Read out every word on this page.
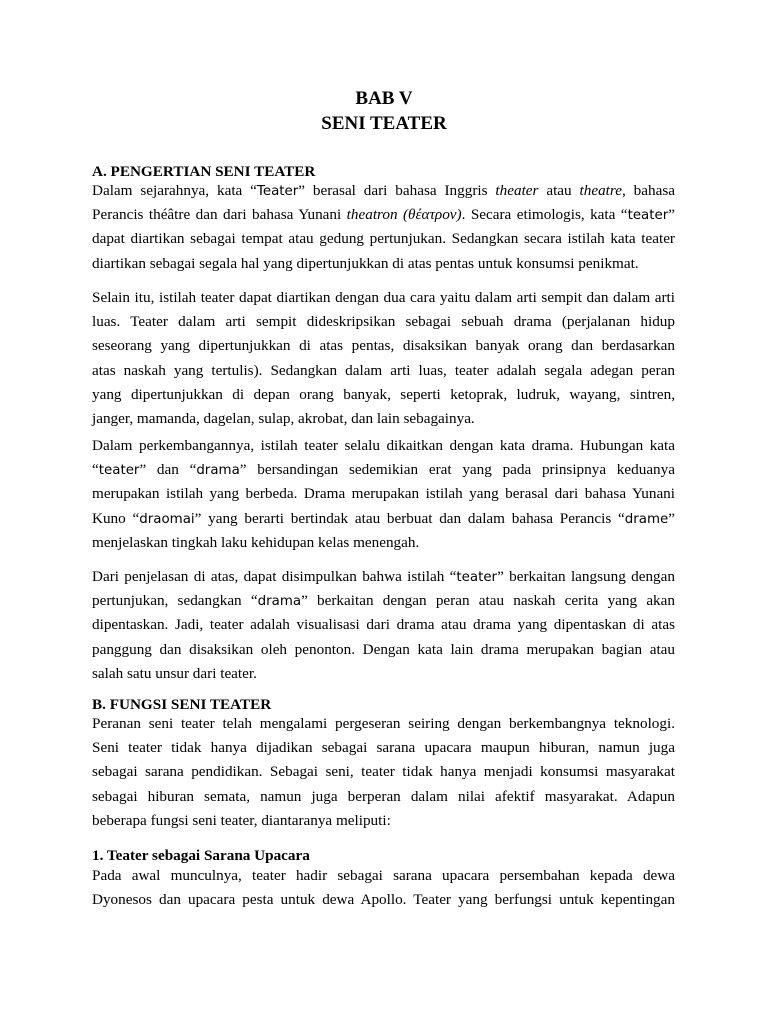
BAB V
SENI TEATER
A. PENGERTIAN SENI TEATER
Dalam sejarahnya, kata “Teater” berasal dari bahasa Inggris theater atau theatre, bahasa
Perancis théâtre dan dari bahasa Yunani theatron (θέατρον). Secara etimologis, kata “teater”
dapat diartikan sebagai tempat atau gedung pertunjukan. Sedangkan secara istilah kata teater
diartikan sebagai segala hal yang dipertunjukkan di atas pentas untuk konsumsi penikmat.
Selain itu, istilah teater dapat diartikan dengan dua cara yaitu dalam arti sempit dan dalam arti
luas. Teater dalam arti sempit dideskripsikan sebagai sebuah drama (perjalanan hidup
seseorang yang dipertunjukkan di atas pentas, disaksikan banyak orang dan berdasarkan
atas naskah yang tertulis). Sedangkan dalam arti luas, teater adalah segala adegan peran
yang dipertunjukkan di depan orang banyak, seperti ketoprak, ludruk, wayang, sintren,
janger, mamanda, dagelan, sulap, akrobat, dan lain sebagainya.
Dalam perkembangannya, istilah teater selalu dikaitkan dengan kata drama. Hubungan kata
“teater” dan “drama” bersandingan sedemikian erat yang pada prinsipnya keduanya
merupakan istilah yang berbeda. Drama merupakan istilah yang berasal dari bahasa Yunani
Kuno “draomai” yang berarti bertindak atau berbuat dan dalam bahasa Perancis “drame”
menjelaskan tingkah laku kehidupan kelas menengah.
Dari penjelasan di atas, dapat disimpulkan bahwa istilah “teater” berkaitan langsung dengan
pertunjukan, sedangkan “drama” berkaitan dengan peran atau naskah cerita yang akan
dipentaskan. Jadi, teater adalah visualisasi dari drama atau drama yang dipentaskan di atas
panggung dan disaksikan oleh penonton. Dengan kata lain drama merupakan bagian atau
salah satu unsur dari teater.
B. FUNGSI SENI TEATER
Peranan seni teater telah mengalami pergeseran seiring dengan berkembangnya teknologi.
Seni teater tidak hanya dijadikan sebagai sarana upacara maupun hiburan, namun juga
sebagai sarana pendidikan. Sebagai seni, teater tidak hanya menjadi konsumsi masyarakat
sebagai hiburan semata, namun juga berperan dalam nilai afektif masyarakat. Adapun
beberapa fungsi seni teater, diantaranya meliputi:
1. Teater sebagai Sarana Upacara
Pada awal munculnya, teater hadir sebagai sarana upacara persembahan kepada dewa
Dyonesos dan upacara pesta untuk dewa Apollo. Teater yang berfungsi untuk kepentingan
